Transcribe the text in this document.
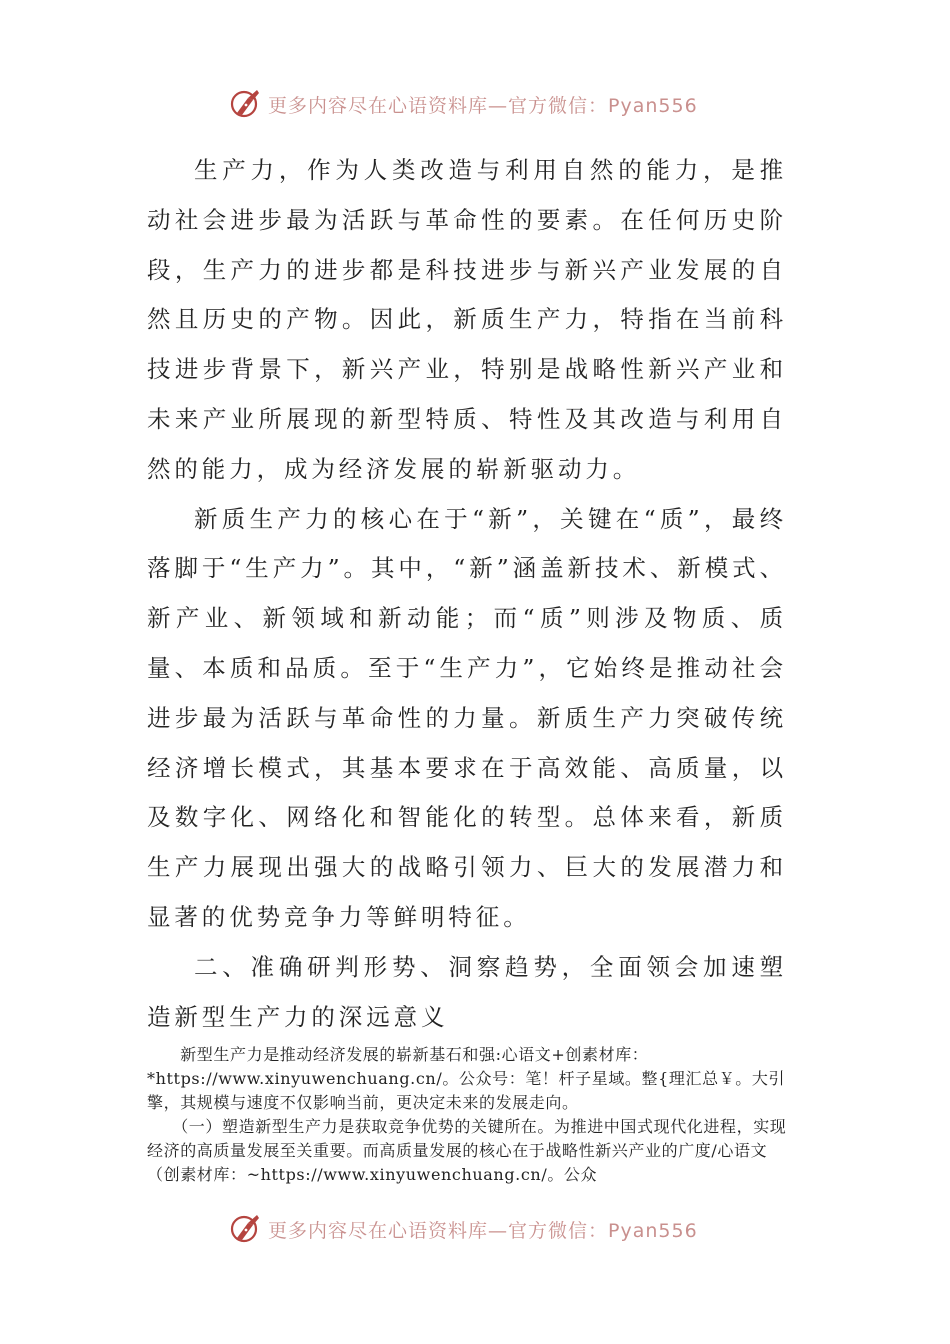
更多内容尽在心语资料库—官方微信：Pyan556

生产力，作为人类改造与利用自然的能力，是推动社会进步最为活跃与革命性的要素。在任何历史阶段，生产力的进步都是科技进步与新兴产业发展的自然且历史的产物。因此，新质生产力，特指在当前科技进步背景下，新兴产业，特别是战略性新兴产业和未来产业所展现的新型特质、特性及其改造与利用自然的能力，成为经济发展的崭新驱动力。

新质生产力的核心在于“新”，关键在“质”，最终落脚于“生产力”。其中，“新”涵盖新技术、新模式、新产业、新领域和新动能；而“质”则涉及物质、质量、本质和品质。至于“生产力”，它始终是推动社会进步最为活跃与革命性的力量。新质生产力突破传统经济增长模式，其基本要求在于高效能、高质量，以及数字化、网络化和智能化的转型。总体来看，新质生产力展现出强大的战略引领力、巨大的发展潜力和显著的优势竞争力等鲜明特征。

二、准确研判形势、洞察趋势，全面领会加速塑造新型生产力的深远意义

　　新型生产力是推动经济发展的崭新基石和强:心语文+创素材库：*https://www.xinyuwenchuang.cn/。公众号：笔！杆子星域。整{理汇总￥。大引擎，其规模与速度不仅影响当前，更决定未来的发展走向。

　　（一）塑造新型生产力是获取竞争优势的关键所在。为推进中国式现代化进程，实现经济的高质量发展至关重要。而高质量发展的核心在于战略性新兴产业的广度/心语文（创素材库：~https://www.xinyuwenchuang.cn/。公众

更多内容尽在心语资料库—官方微信：Pyan556
